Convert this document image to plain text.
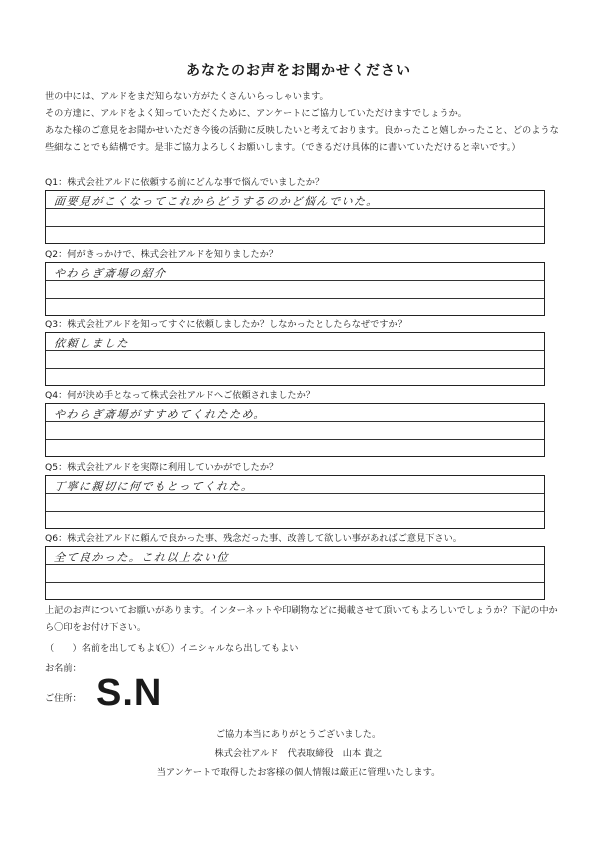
あなたのお声をお聞かせください
世の中には、アルドをまだ知らない方がたくさんいらっしゃいます。
その方達に、アルドをよく知っていただくために、アンケートにご協力していただけますでしょうか。
あなた様のご意見をお聞かせいただき今後の活動に反映したいと考えております。良かったこと嬉しかったこと、どのような
些細なことでも結構です。是非ご協力よろしくお願いします。（できるだけ具体的に書いていただけると幸いです。）
Q1：株式会社アルドに依頼する前にどんな事で悩んでいましたか？
面要見がこくなってこれからどうするのかど悩んでいた。
Q2：何がきっかけで、株式会社アルドを知りましたか？
やわらぎ斎場の紹介
Q3：株式会社アルドを知ってすぐに依頼しましたか？しなかったとしたらなぜですか？
依頼しました
Q4：何が決め手となって株式会社アルドへご依頼されましたか？
やわらぎ斎場がすすめてくれたため。
Q5：株式会社アルドを実際に利用していかがでしたか？
丁寧に親切に何でもとってくれた。
Q6：株式会社アルドに頼んで良かった事、残念だった事、改善して欲しい事があればご意見下さい。
全て良かった。これ以上ない位
上記のお声についてお願いがあります。インターネットや印刷物などに掲載させて頂いてもよろしいでしょうか？下記の中か
ら〇印をお付け下さい。
（　　）名前を出してもよい
（〇）イニシャルなら出してもよい
お名前：
ご住所： S.N
ご協力本当にありがとうございました。
株式会社アルド　代表取締役　山本 貴之
当アンケートで取得したお客様の個人情報は厳正に管理いたします。
